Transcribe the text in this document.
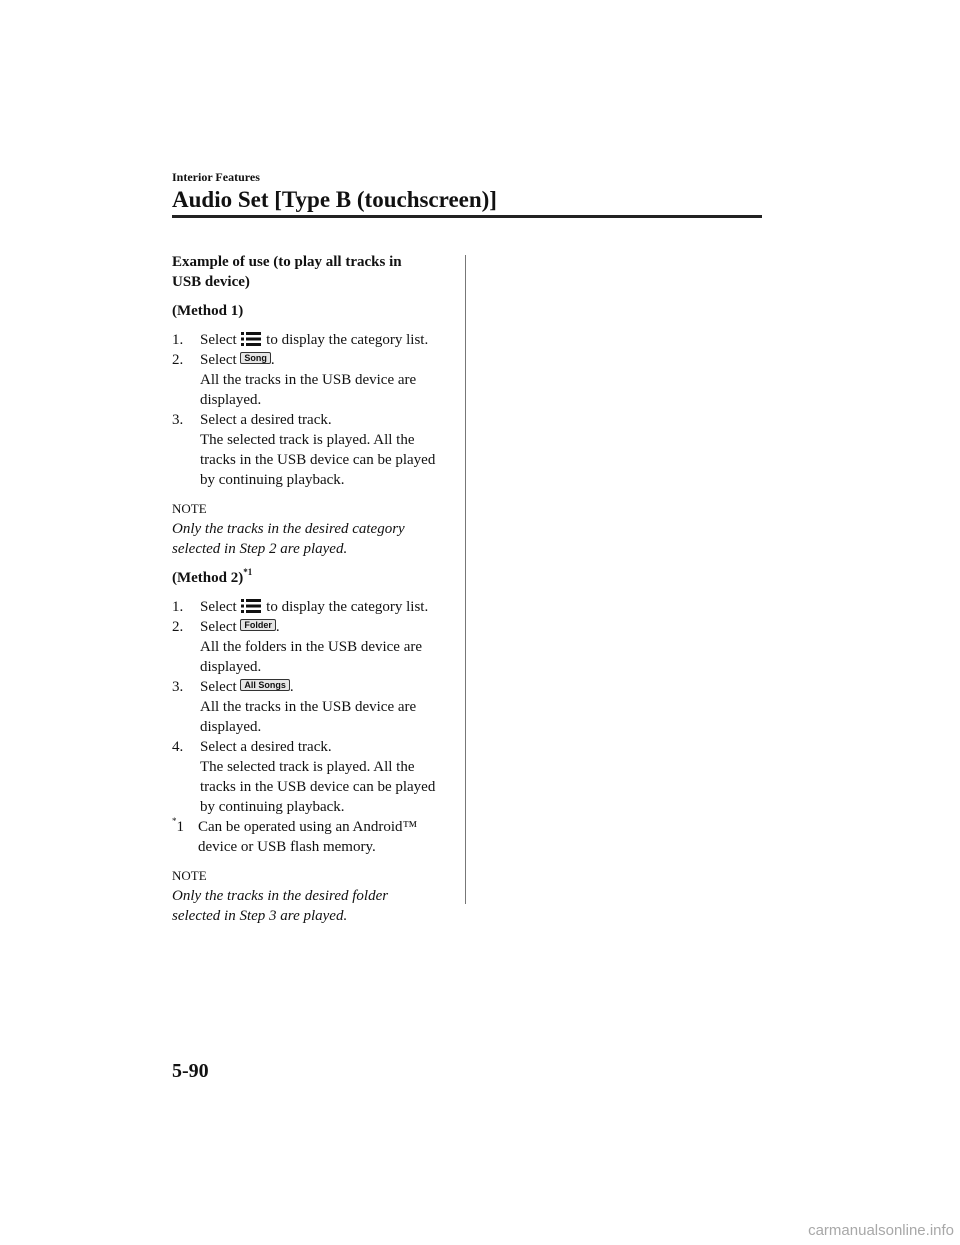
Interior Features
Audio Set [Type B (touchscreen)]

Example of use (to play all tracks in

USB device)

(Method 1)

1. Select to display the category list.
2. Select Song .
All the tracks in the USB device are
displayed.
3. Select a desired track.
The selected track is played. All the
tracks in the USB device can be played
by continuing playback.

NOTE

Only the tracks in the desired category

selected in Step 2 are played.

(Method 2)$^{*1}$

1. Select to display the category list.
2. Select Folder .
All the folders in the USB device are
displayed.
3. Select All Songs .
All the tracks in the USB device are
displayed.
4. Select a desired track.
The selected track is played. All the
tracks in the USB device can be played
by continuing playback.
*1 Can be operated using an Android™
device or USB flash memory.

NOTE

Only the tracks in the desired folder

selected in Step 3 are played.

5-90
carmanualsonline.info
